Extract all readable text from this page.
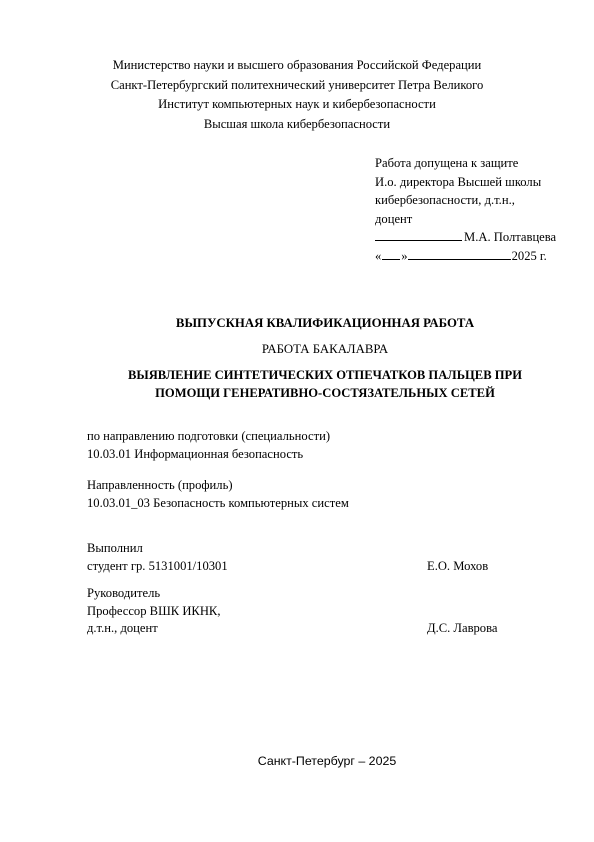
Министерство науки и высшего образования Российской Федерации
Санкт-Петербургский политехнический университет Петра Великого
Институт компьютерных наук и кибербезопасности
Высшая школа кибербезопасности
Работа допущена к защите
И.о. директора Высшей школы
кибербезопасности, д.т.н.,
доцент
М.А. Полтавцева
« »	2025 г.
ВЫПУСКНАЯ КВАЛИФИКАЦИОННАЯ РАБОТА
РАБОТА БАКАЛАВРА
ВЫЯВЛЕНИЕ СИНТЕТИЧЕСКИХ ОТПЕЧАТКОВ ПАЛЬЦЕВ ПРИ
ПОМОЩИ ГЕНЕРАТИВНО-СОСТЯЗАТЕЛЬНЫХ СЕТЕЙ
по направлению подготовки (специальности)
10.03.01 Информационная безопасность
Направленность (профиль)
10.03.01_03 Безопасность компьютерных систем
Выполнил
студент гр. 5131001/10301	Е.О. Мохов
Руководитель
Профессор ВШК ИКНК,
д.т.н., доцент	Д.С. Лаврова
Санкт-Петербург – 2025
